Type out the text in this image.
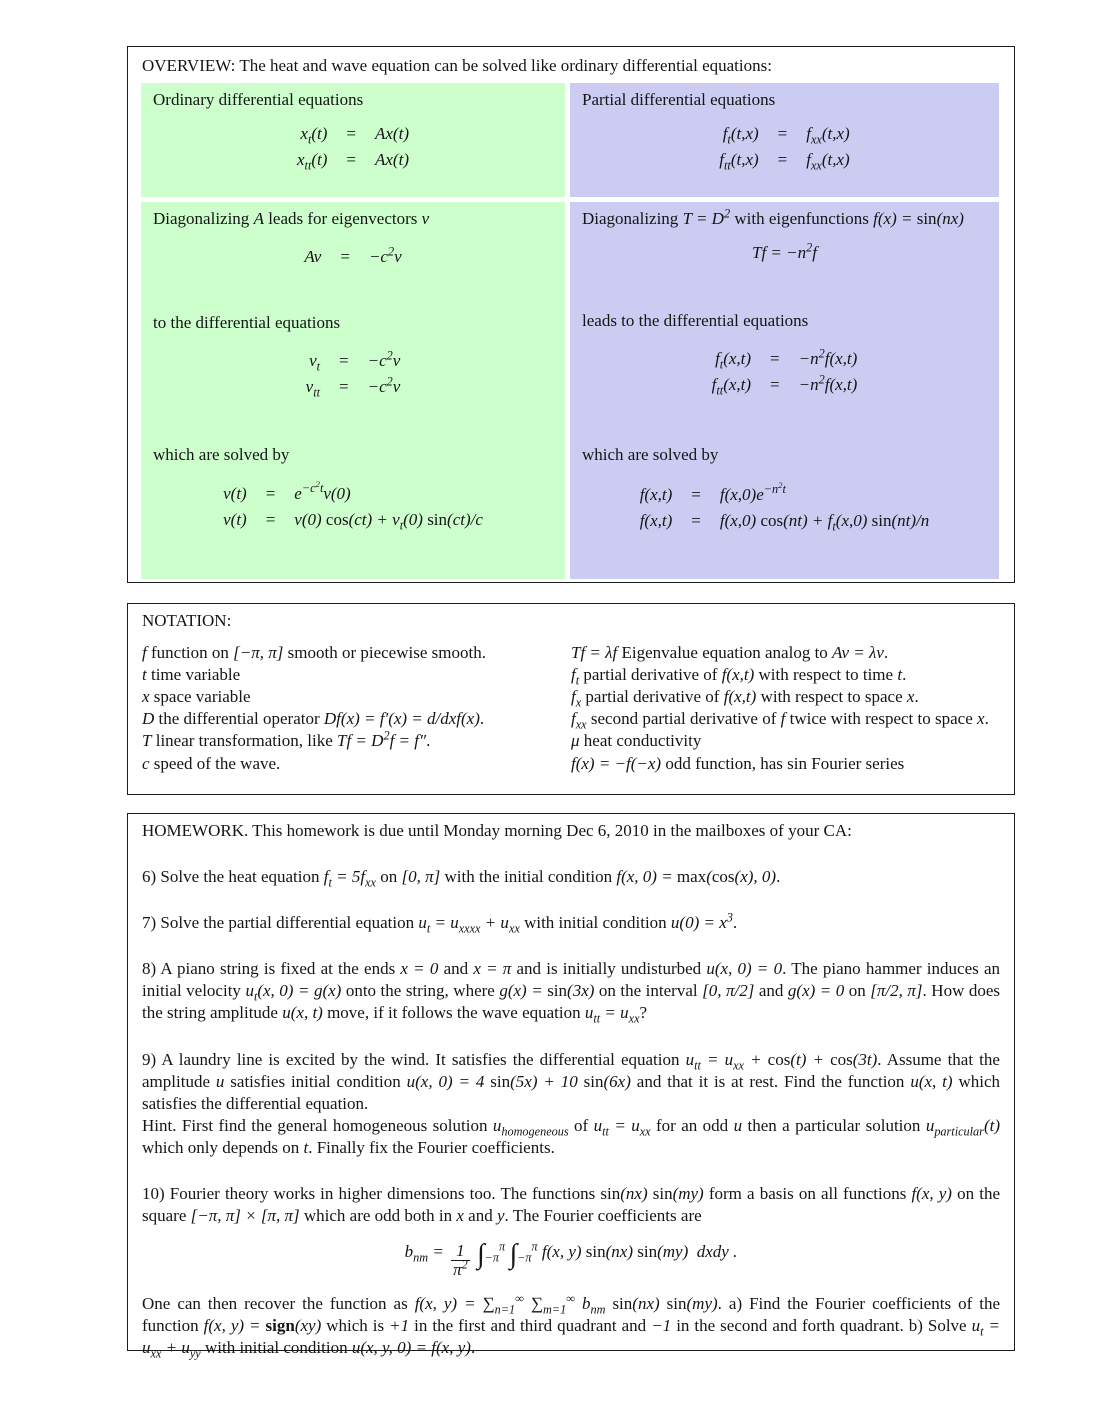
OVERVIEW: The heat and wave equation can be solved like ordinary differential equations:
Ordinary differential equations
$x_t(t)$	=	Ax(t)
$x_{tt}(t)$	=	Ax(t)
Partial differential equations
$f_t(t,x)$	=	$f_{xx}(t,x)$
$f_{tt}(t,x)$	=	$f_{xx}(t,x)$
Diagonalizing A leads for eigenvectors v⃗
Av	=	$-c^2v$
to the differential equations
$v_t$	=	$-c^2v$
$v_{tt}$	=	$-c^2v$
which are solved by
v(t)	=	$e^{-c^2t}v(0)$
v(t)	=	v(0) $\cos(ct) + v_t(0)$ sin(ct)/c
Diagonalizing $T = D^2$ with eigenfunctions f(x) = sin(nx)
$Tf = -n^2f$
leads to the differential equations
$f_t(x,t)$	=	$-n^2f(x,t)$
$f_{tt}(x,t)$	=	$-n^2f(x,t)$
which are solved by
f(x,t)	=	$f(x,0)e^{-n^2t}$
f(x,t)	=	f(x,0) $\cos(nt) + f_t(x,0)$ sin(nt)/n
NOTATION:
f function on [−π, π] smooth or piecewise smooth.
t time variable
x space variable
D the differential operator Df(x) = f′(x) = d/dxf(x).
T linear transformation, like $Tf = D^2f = f''$.
c speed of the wave.
Tf = λf Eigenvalue equation analog to Av = λv.
$f_t$ partial derivative of f(x,t) with respect to time t.
$f_x$ partial derivative of f(x,t) with respect to space x.
$f_{xx}$ second partial derivative of f twice with respect to space x.
μ heat conductivity
f(x) = −f(−x) odd function, has sin Fourier series
HOMEWORK. This homework is due until Monday morning Dec 6, 2010 in the mailboxes of your CA:
6) Solve the heat equation $f_t = 5f_{xx}$ on [0, π] with the initial condition f(x, 0) = max(cos(x), 0).
7) Solve the partial differential equation $u_t = u_{xxxx} + u_{xx}$ with initial condition $u(0) = x^3$.
8) A piano string is fixed at the ends x = 0 and x = π and is initially undisturbed u(x, 0) = 0. The piano hammer induces an initial velocity $u_t(x$, 0) = g(x) onto the string, where g(x) = sin(3x) on the interval [0, π/2] and g(x) = 0 on [π/2, π]. How does the string amplitude u(x, t) move, if it follows the wave equation $u_{tt} = u_{xx}$?
9) A laundry line is excited by the wind. It satisfies the differential equation $u_{tt} = u_{xx} + \cos(t) + \cos(3t)$. Assume that the amplitude u satisfies initial condition u(x, 0) = 4 sin(5x) + 10 sin(6x) and that it is at rest. Find the function u(x, t) which satisfies the differential equation.
Hint. First find the general homogeneous solution $u_{homogeneous}$ of $u_{tt} = u_{xx}$ for an odd u then a particular solution $u_{particular}(t)$ which only depends on t. Finally fix the Fourier coefficients.
10) Fourier theory works in higher dimensions too. The functions sin(nx) sin(my) form a basis on all functions f(x, y) on the square [−π, π] × [π, π] which are odd both in x and y. The Fourier coefficients are
$b_{nm} = \frac{1}{\pi^2} \int_{-\pi}^\pi$ $\int_{-\pi}^\pi$ f(x, y) sin(nx) sin(my) dxdy .
One can then recover the function as f(x, $y) = \sum_{n=1}^\infty$ $\sum_{m=1}^\infty$ $b_{nm}$ sin(nx) sin(my). a) Find the Fourier coefficients of the function f(x, y) = sign(xy) which is +1 in the first and third quadrant and −1 in the second and forth quadrant. b) Solve $u_t = u_{xx} + u_{yy}$ with initial condition u(x, y, 0) = f(x, y).
